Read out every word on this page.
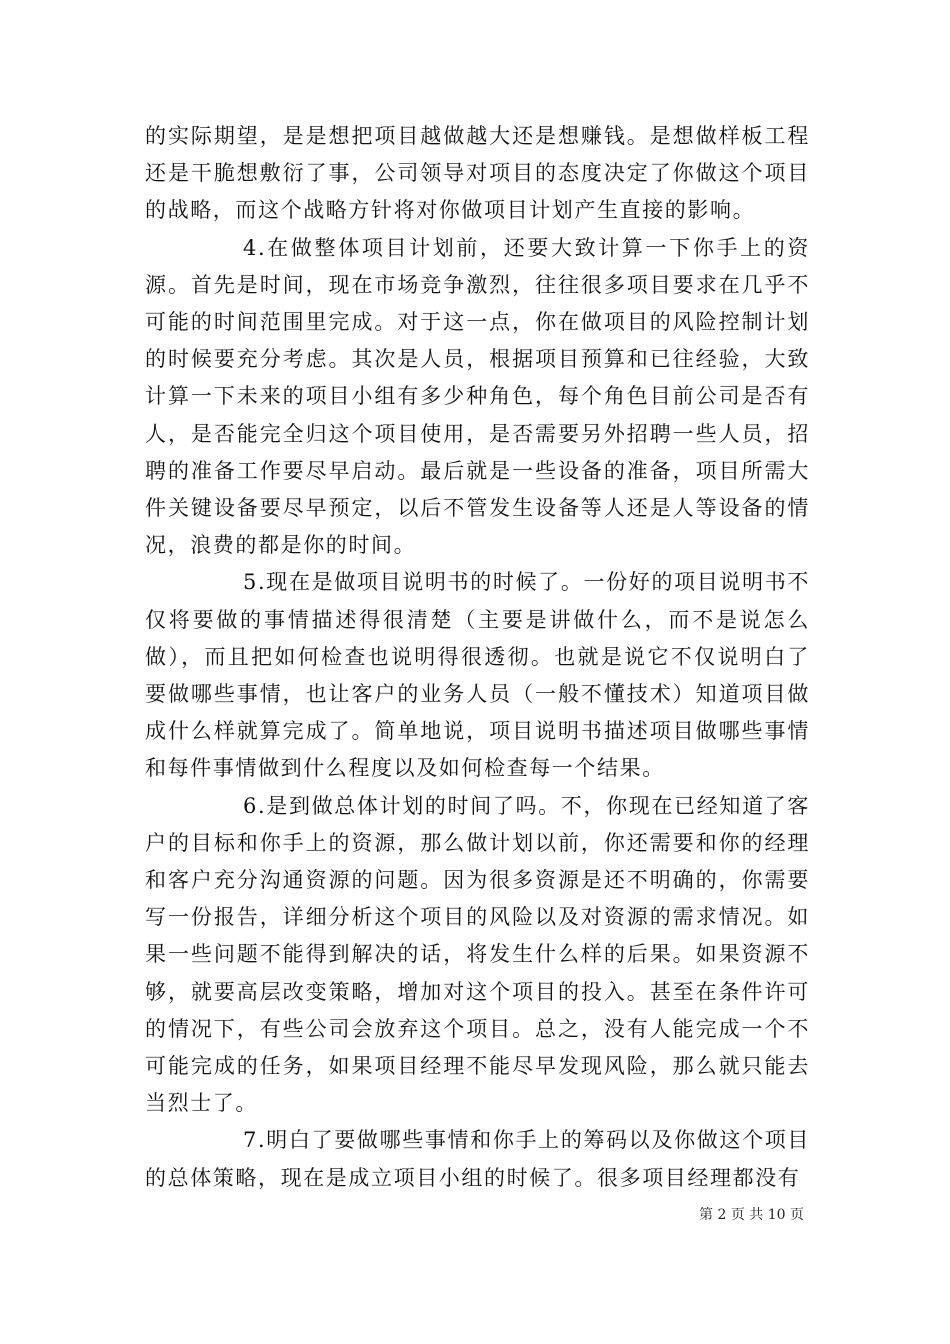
的实际期望，是是想把项目越做越大还是想赚钱。是想做样板工程还是干脆想敷衍了事，公司领导对项目的态度决定了你做这个项目的战略，而这个战略方针将对你做项目计划产生直接的影响。

4.在做整体项目计划前，还要大致计算一下你手上的资源。首先是时间，现在市场竞争激烈，往往很多项目要求在几乎不可能的时间范围里完成。对于这一点，你在做项目的风险控制计划的时候要充分考虑。其次是人员，根据项目预算和已往经验，大致计算一下未来的项目小组有多少种角色，每个角色目前公司是否有人，是否能完全归这个项目使用，是否需要另外招聘一些人员，招聘的准备工作要尽早启动。最后就是一些设备的准备，项目所需大件关键设备要尽早预定，以后不管发生设备等人还是人等设备的情况，浪费的都是你的时间。

5.现在是做项目说明书的时候了。一份好的项目说明书不仅将要做的事情描述得很清楚（主要是讲做什么，而不是说怎么做），而且把如何检查也说明得很透彻。也就是说它不仅说明白了要做哪些事情，也让客户的业务人员（一般不懂技术）知道项目做成什么样就算完成了。简单地说，项目说明书描述项目做哪些事情和每件事情做到什么程度以及如何检查每一个结果。

6.是到做总体计划的时间了吗。不，你现在已经知道了客户的目标和你手上的资源，那么做计划以前，你还需要和你的经理和客户充分沟通资源的问题。因为很多资源是还不明确的，你需要写一份报告，详细分析这个项目的风险以及对资源的需求情况。如果一些问题不能得到解决的话，将发生什么样的后果。如果资源不够，就要高层改变策略，增加对这个项目的投入。甚至在条件许可的情况下，有些公司会放弃这个项目。总之，没有人能完成一个不可能完成的任务，如果项目经理不能尽早发现风险，那么就只能去当烈士了。

7.明白了要做哪些事情和你手上的筹码以及你做这个项目的总体策略，现在是成立项目小组的时候了。很多项目经理都没有

第 2 页 共 10 页
